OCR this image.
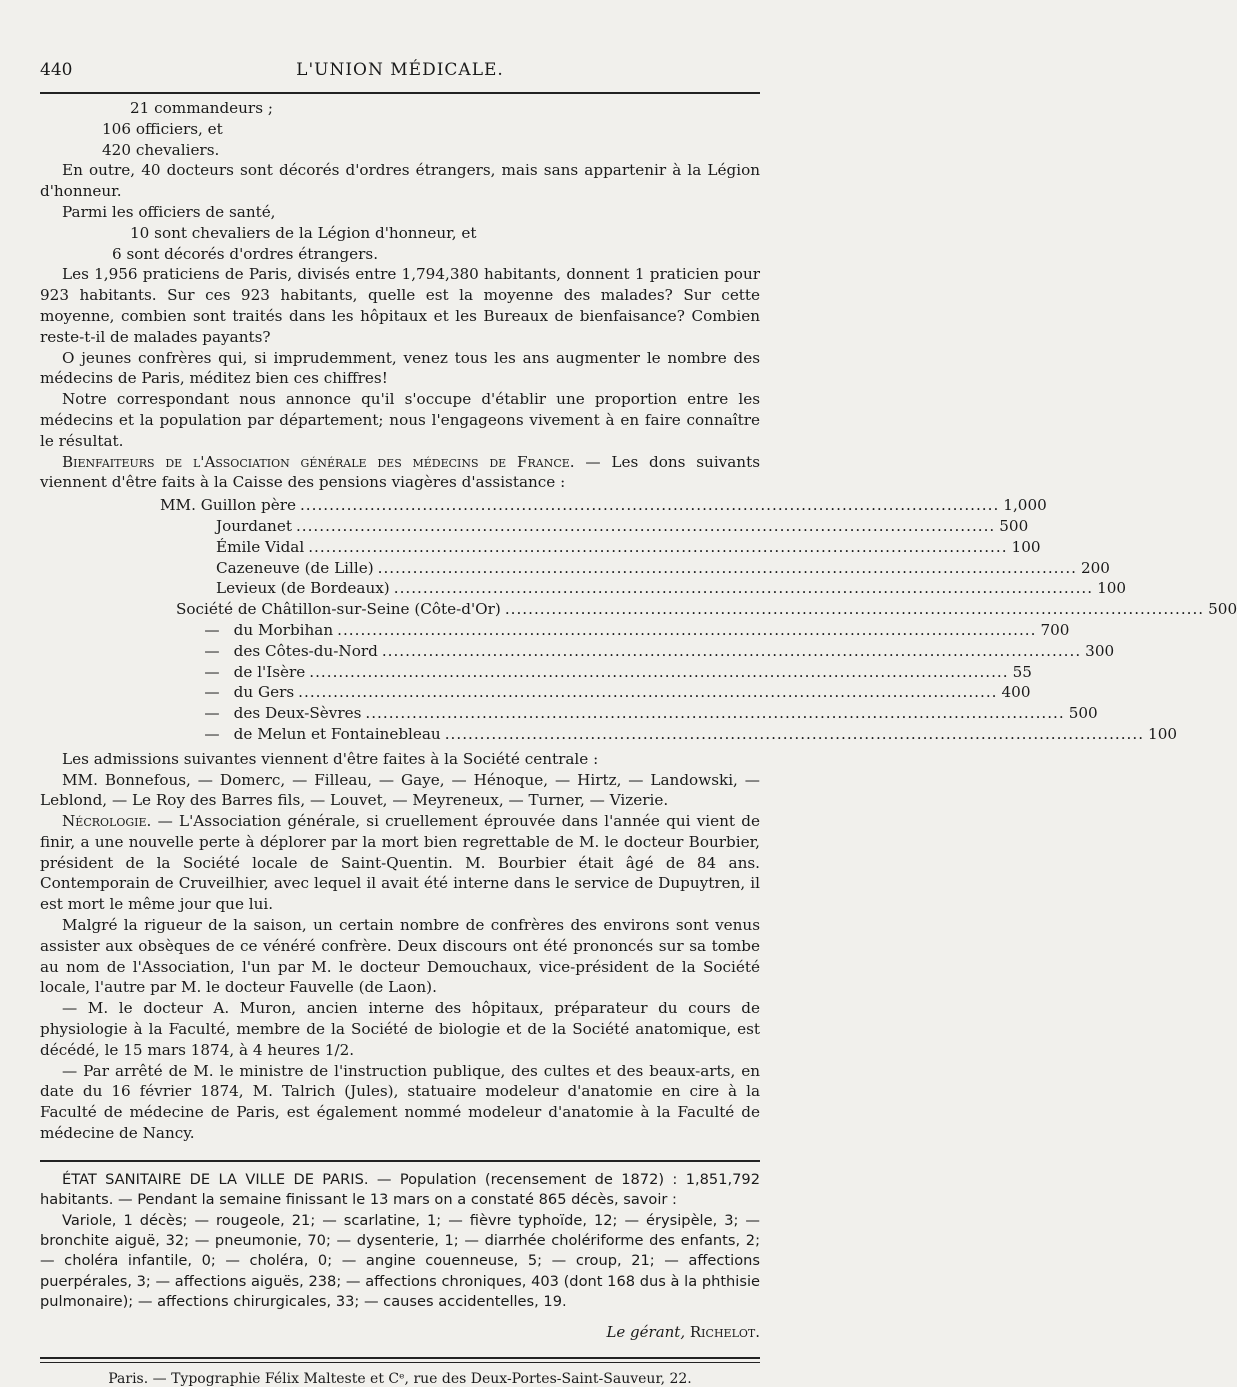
440	L'UNION MÉDICALE.

21 commandeurs ;

106 officiers, et

420 chevaliers.

En outre, 40 docteurs sont décorés d'ordres étrangers, mais sans appartenir à la Légion d'honneur.

Parmi les officiers de santé,

10 sont chevaliers de la Légion d'honneur, et

6 sont décorés d'ordres étrangers.

Les 1,956 praticiens de Paris, divisés entre 1,794,380 habitants, donnent 1 praticien pour 923 habitants. Sur ces 923 habitants, quelle est la moyenne des malades? Sur cette moyenne, combien sont traités dans les hôpitaux et les Bureaux de bienfaisance? Combien reste-t-il de malades payants?

O jeunes confrères qui, si imprudemment, venez tous les ans augmenter le nombre des médecins de Paris, méditez bien ces chiffres!

Notre correspondant nous annonce qu'il s'occupe d'établir une proportion entre les médecins et la population par département; nous l'engageons vivement à en faire connaître le résultat.

Bienfaiteurs de l'Association générale des médecins de France. — Les dons suivants viennent d'être faits à la Caisse des pensions viagères d'assistance :

MM. Guillon père ........................................................................................................................ 1,000
Jourdanet ........................................................................................................................ 500
Émile Vidal ........................................................................................................................ 100
Cazeneuve (de Lille) ........................................................................................................................ 200
Levieux (de Bordeaux) ........................................................................................................................ 100
Société de Châtillon-sur-Seine (Côte-d'Or) ........................................................................................................................ 500
— du Morbihan ........................................................................................................................ 700
— des Côtes-du-Nord ........................................................................................................................ 300
— de l'Isère ........................................................................................................................ 55
— du Gers ........................................................................................................................ 400
— des Deux-Sèvres ........................................................................................................................ 500
— de Melun et Fontainebleau ........................................................................................................................ 100

Les admissions suivantes viennent d'être faites à la Société centrale :

MM. Bonnefous, — Domerc, — Filleau, — Gaye, — Hénoque, — Hirtz, — Landowski, — Leblond, — Le Roy des Barres fils, — Louvet, — Meyreneux, — Turner, — Vizerie.

Nécrologie. — L'Association générale, si cruellement éprouvée dans l'année qui vient de finir, a une nouvelle perte à déplorer par la mort bien regrettable de M. le docteur Bourbier, président de la Société locale de Saint-Quentin. M. Bourbier était âgé de 84 ans. Contemporain de Cruveilhier, avec lequel il avait été interne dans le service de Dupuytren, il est mort le même jour que lui.

Malgré la rigueur de la saison, un certain nombre de confrères des environs sont venus assister aux obsèques de ce vénéré confrère. Deux discours ont été prononcés sur sa tombe au nom de l'Association, l'un par M. le docteur Demouchaux, vice-président de la Société locale, l'autre par M. le docteur Fauvelle (de Laon).

— M. le docteur A. Muron, ancien interne des hôpitaux, préparateur du cours de physiologie à la Faculté, membre de la Société de biologie et de la Société anatomique, est décédé, le 15 mars 1874, à 4 heures 1/2.

— Par arrêté de M. le ministre de l'instruction publique, des cultes et des beaux-arts, en date du 16 février 1874, M. Talrich (Jules), statuaire modeleur d'anatomie en cire à la Faculté de médecine de Paris, est également nommé modeleur d'anatomie à la Faculté de médecine de Nancy.

ÉTAT SANITAIRE DE LA VILLE DE PARIS. — Population (recensement de 1872) : 1,851,792 habitants. — Pendant la semaine finissant le 13 mars on a constaté 865 décès, savoir :

Variole, 1 décès; — rougeole, 21; — scarlatine, 1; — fièvre typhoïde, 12; — érysipèle, 3; — bronchite aiguë, 32; — pneumonie, 70; — dysenterie, 1; — diarrhée cholériforme des enfants, 2; — choléra infantile, 0; — choléra, 0; — angine couenneuse, 5; — croup, 21; — affections puerpérales, 3; — affections aiguës, 238; — affections chroniques, 403 (dont 168 dus à la phthisie pulmonaire); — affections chirurgicales, 33; — causes accidentelles, 19.

Le gérant, Richelot.
Paris. — Typographie Félix Malteste et Cᵉ, rue des Deux-Portes-Saint-Sauveur, 22.
